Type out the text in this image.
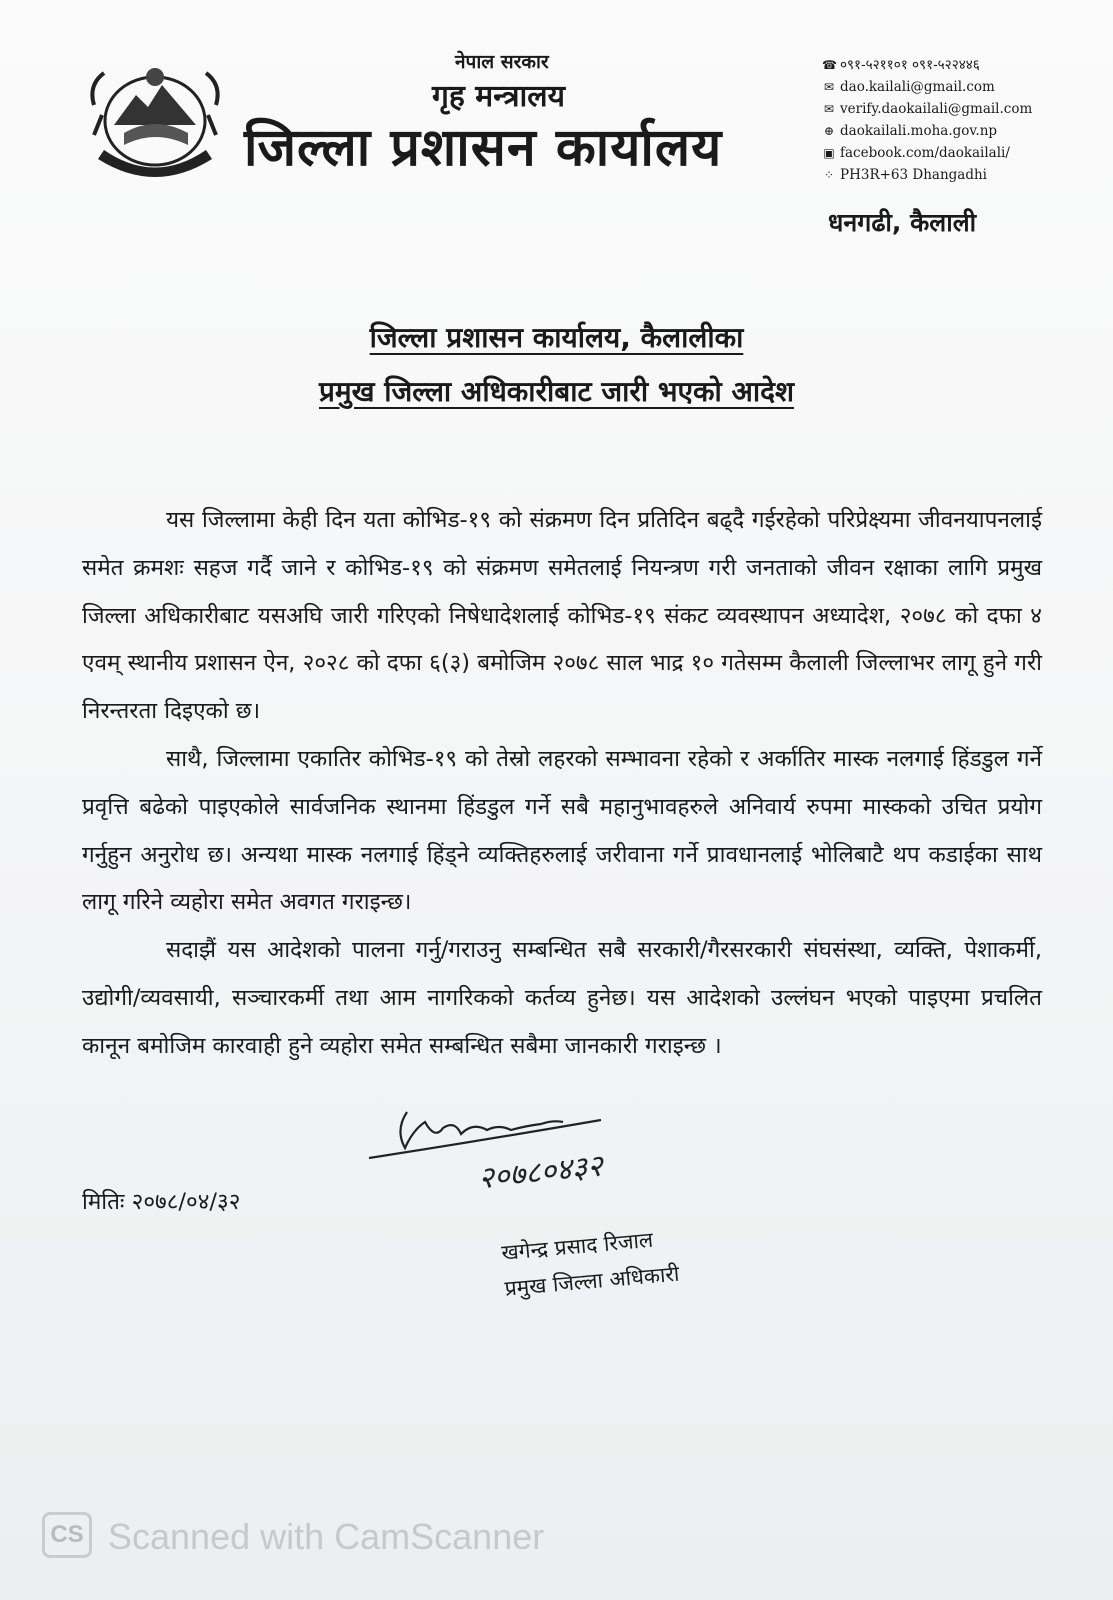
नेपाल सरकार
गृह मन्त्रालय
जिल्ला प्रशासन कार्यालय
☎ ०९१-५२११०१ ०९१-५२२४४६
✉ dao.kailali@gmail.com
✉ verify.daokailali@gmail.com
⊕ daokailali.moha.gov.np
▣ facebook.com/daokailali/
⁘ PH3R+63 Dhangadhi
धनगढी, कैलाली
जिल्ला प्रशासन कार्यालय, कैलालीका
प्रमुख जिल्ला अधिकारीबाट जारी भएको आदेश

यस जिल्लामा केही दिन यता कोभिड-१९ को संक्रमण दिन प्रतिदिन बढ्दै गईरहेको परिप्रेक्ष्यमा जीवनयापनलाई समेत क्रमशः सहज गर्दै जाने र कोभिड-१९ को संक्रमण समेतलाई नियन्त्रण गरी जनताको जीवन रक्षाका लागि प्रमुख जिल्ला अधिकारीबाट यसअघि जारी गरिएको निषेधादेशलाई कोभिड-१९ संकट व्यवस्थापन अध्यादेश, २०७८ को दफा ४ एवम् स्थानीय प्रशासन ऐन, २०२८ को दफा ६(३) बमोजिम २०७८ साल भाद्र १० गतेसम्म कैलाली जिल्लाभर लागू हुने गरी निरन्तरता दिइएको छ।

साथै, जिल्लामा एकातिर कोभिड-१९ को तेस्रो लहरको सम्भावना रहेको र अर्कातिर मास्क नलगाई हिंडडुल गर्ने प्रवृत्ति बढेको पाइएकोले सार्वजनिक स्थानमा हिंडडुल गर्ने सबै महानुभावहरुले अनिवार्य रुपमा मास्कको उचित प्रयोग गर्नुहुन अनुरोध छ। अन्यथा मास्क नलगाई हिंड्ने व्यक्तिहरुलाई जरीवाना गर्ने प्रावधानलाई भोलिबाटै थप कडाईका साथ लागू गरिने व्यहोरा समेत अवगत गराइन्छ।

सदाझैं यस आदेशको पालना गर्नु/गराउनु सम्बन्धित सबै सरकारी/गैरसरकारी संघसंस्था, व्यक्ति, पेशाकर्मी, उद्योगी/व्यवसायी, सञ्चारकर्मी तथा आम नागरिकको कर्तव्य हुनेछ। यस आदेशको उल्लंघन भएको पाइएमा प्रचलित कानून बमोजिम कारवाही हुने व्यहोरा समेत सम्बन्धित सबैमा जानकारी गराइन्छ ।

मितिः २०७८/०४/३२
२०७८०४३२
खगेन्द्र प्रसाद रिजाल
प्रमुख जिल्ला अधिकारी
CS Scanned with CamScanner
